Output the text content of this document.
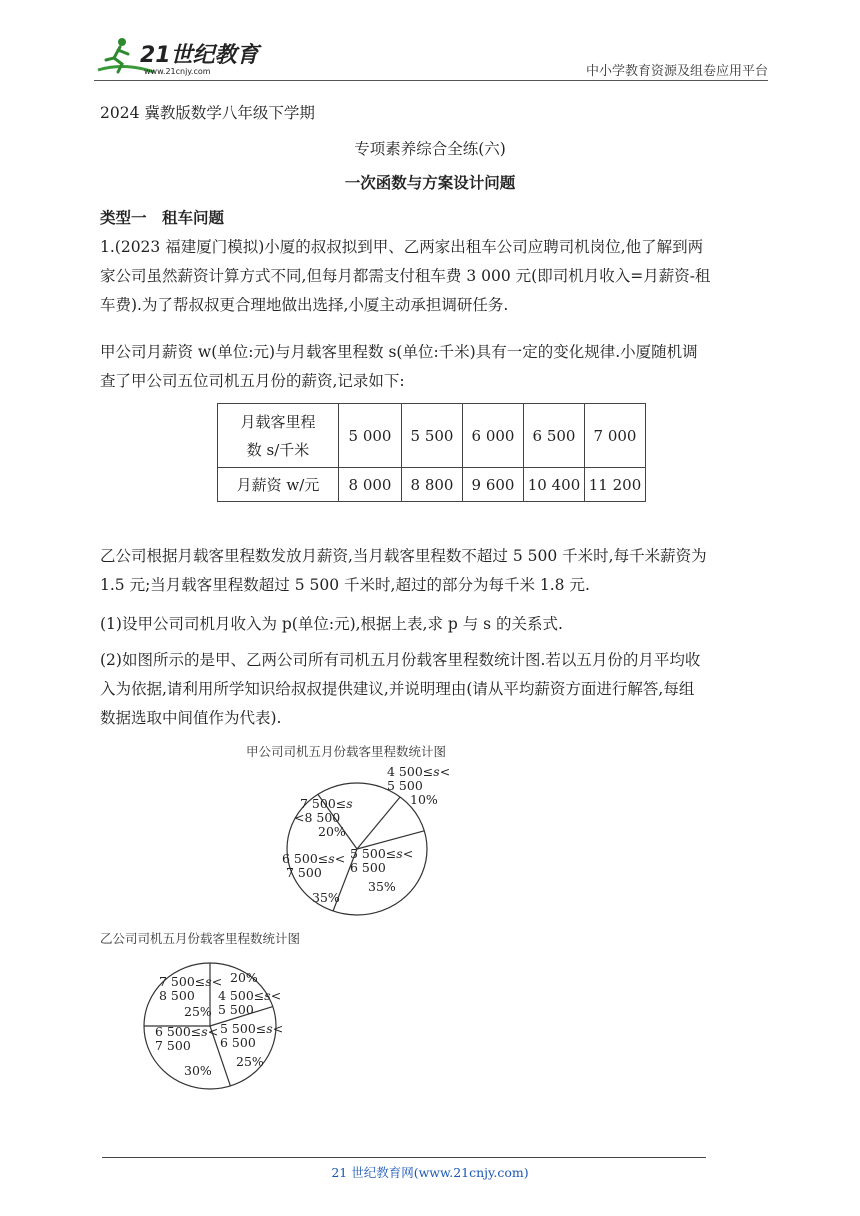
21世纪教育
www.21cnjy.com	中小学教育资源及组卷应用平台
2024 冀教版数学八年级下学期
专项素养综合全练(六)
一次函数与方案设计问题
类型一　租车问题
1.(2023 福建厦门模拟)小厦的叔叔拟到甲、乙两家出租车公司应聘司机岗位,他了解到两
家公司虽然薪资计算方式不同,但每月都需支付租车费 3 000 元(即司机月收入=月薪资-租
车费).为了帮叔叔更合理地做出选择,小厦主动承担调研任务.
甲公司月薪资 w(单位:元)与月载客里程数 s(单位:千米)具有一定的变化规律.小厦随机调
查了甲公司五位司机五月份的薪资,记录如下:
月载客里程
数 s/千米	5 000	5 500	6 000	6 500	7 000
月薪资 w/元	8 000	8 800	9 600	10 400	11 200
乙公司根据月载客里程数发放月薪资,当月载客里程数不超过 5 500 千米时,每千米薪资为
1.5 元;当月载客里程数超过 5 500 千米时,超过的部分为每千米 1.8 元.
(1)设甲公司司机月收入为 p(单位:元),根据上表,求 p 与 s 的关系式.
(2)如图所示的是甲、乙两公司所有司机五月份载客里程数统计图.若以五月份的月平均收
入为依据,请利用所学知识给叔叔提供建议,并说明理由(请从平均薪资方面进行解答,每组
数据选取中间值作为代表).
甲公司司机五月份载客里程数统计图
4 500≤s<
5 500
10%
7 500≤s
<8 500
20%
5 500≤s<
6 500
35%
6 500≤s<
7 500
35%
乙公司司机五月份载客里程数统计图
20%
4 500≤s<
5 500
7 500≤s<
8 500
25%
5 500≤s<
6 500
25%
6 500≤s<
7 500
30%
21 世纪教育网(www.21cnjy.com)
